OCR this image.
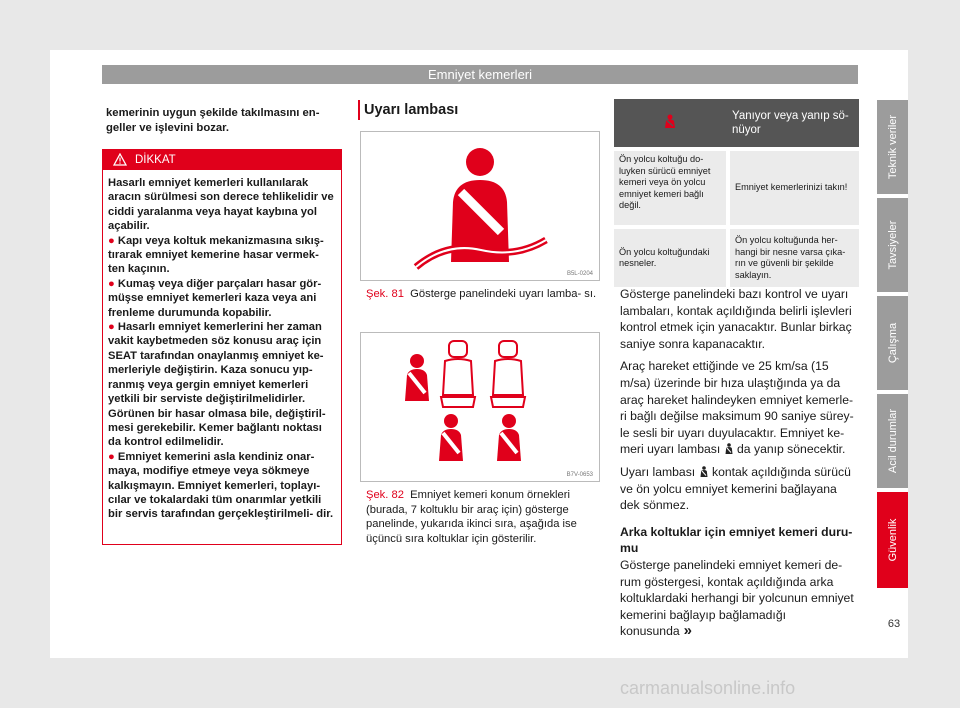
Emniyet kemerleri

kemerinin uygun şekilde takılmasını en- geller ve işlevini bozar.

DİKKAT

Hasarlı emniyet kemerleri kullanılarak aracın sürülmesi son derece tehlikelidir ve ciddi yaralanma veya hayat kaybına yol açabilir.

● Kapı veya koltuk mekanizmasına sıkış- tırarak emniyet kemerine hasar vermek- ten kaçının.

● Kumaş veya diğer parçaları hasar gör- müşse emniyet kemerleri kaza veya ani frenleme durumunda kopabilir.

● Hasarlı emniyet kemerlerini her zaman vakit kaybetmeden söz konusu araç için SEAT tarafından onaylanmış emniyet ke- merleriyle değiştirin. Kaza sonucu yıp- ranmış veya gergin emniyet kemerleri yetkili bir serviste değiştirilmelidirler. Görünen bir hasar olmasa bile, değiştiril- mesi gerekebilir. Kemer bağlantı noktası da kontrol edilmelidir.

● Emniyet kemerini asla kendiniz onar- maya, modifiye etmeye veya sökmeye kalkışmayın. Emniyet kemerleri, toplayı- cılar ve tokalardaki tüm onarımlar yetkili bir servis tarafından gerçekleştirilmeli- dir.

Uyarı lambası
B5L-0204
Şek. 81 Gösterge panelindeki uyarı lamba- sı.
B7V-0653
Şek. 82 Emniyet kemeri konum örnekleri (burada, 7 koltuklu bir araç için) gösterge panelinde, yukarıda ikinci sıra, aşağıda ise üçüncü sıra koltuklar için gösterilir.
	Yanıyor veya yanıp sö- nüyor
Ön yolcu koltuğu do- luyken sürücü emniyet kemeri veya ön yolcu emniyet kemeri bağlı değil.	Emniyet kemerlerinizi takın!
Ön yolcu koltuğundaki nesneler.	Ön yolcu koltuğunda her- hangi bir nesne varsa çıka- rın ve güvenli bir şekilde saklayın.

Gösterge panelindeki bazı kontrol ve uyarı lambaları, kontak açıldığında belirli işlevleri kontrol etmek için yanacaktır. Bunlar birkaç saniye sonra kapanacaktır.

Araç hareket ettiğinde ve 25 km/sa (15 m/sa) üzerinde bir hıza ulaştığında ya da araç hareket halindeyken emniyet kemerle- ri bağlı değilse maksimum 90 saniye sürey- le sesli bir uyarı duyulacaktır. Emniyet ke- meri uyarı lambası da yanıp sönecektir.

Uyarı lambası kontak açıldığında sürücü ve ön yolcu emniyet kemerini bağlayana dek sönmez.

Arka koltuklar için emniyet kemeri duru- mu

Gösterge panelindeki emniyet kemeri de- rum göstergesi, kontak açıldığında arka koltuklardaki herhangi bir yolcunun emniyet kemerini bağlayıp bağlamadığı konusunda »

Teknik veriler
Tavsiyeler
Çalışma
Acil durumlar
Güvenlik
63
carmanualsonline.info
